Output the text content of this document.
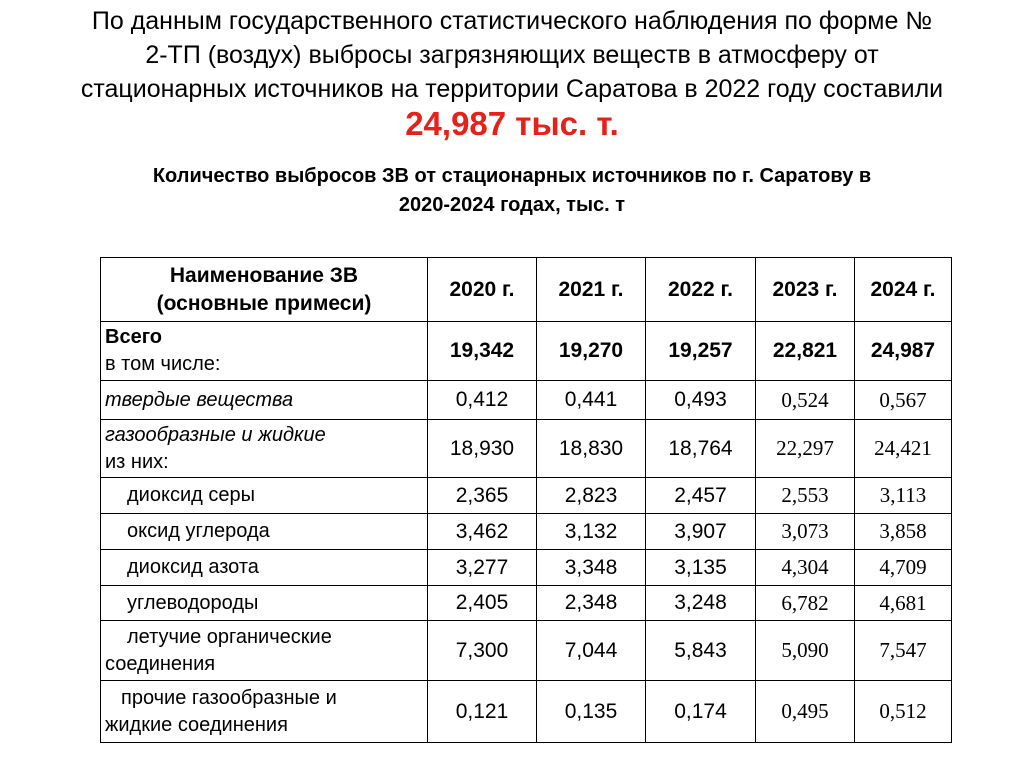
По данным государственного статистического наблюдения по форме №
2-ТП (воздух) выбросы загрязняющих веществ в атмосферу от
стационарных источников на территории Саратова в 2022 году составили
24,987 тыс. т.
Количество выбросов ЗВ от стационарных источников по г. Саратову в
2020-2024 годах, тыс. т
Наименование ЗВ
(основные примеси)	2020 г.	2021 г.	2022 г.	2023 г.	2024 г.
Всего
в том числе:	19,342	19,270	19,257	22,821	24,987
твердые вещества	0,412	0,441	0,493	0,524	0,567
газообразные и жидкие
из них:	18,930	18,830	18,764	22,297	24,421
диоксид серы	2,365	2,823	2,457	2,553	3,113
оксид углерода	3,462	3,132	3,907	3,073	3,858
диоксид азота	3,277	3,348	3,135	4,304	4,709
углеводороды	2,405	2,348	3,248	6,782	4,681
летучие органические
соединения	7,300	7,044	5,843	5,090	7,547
прочие газообразные и
жидкие соединения	0,121	0,135	0,174	0,495	0,512
